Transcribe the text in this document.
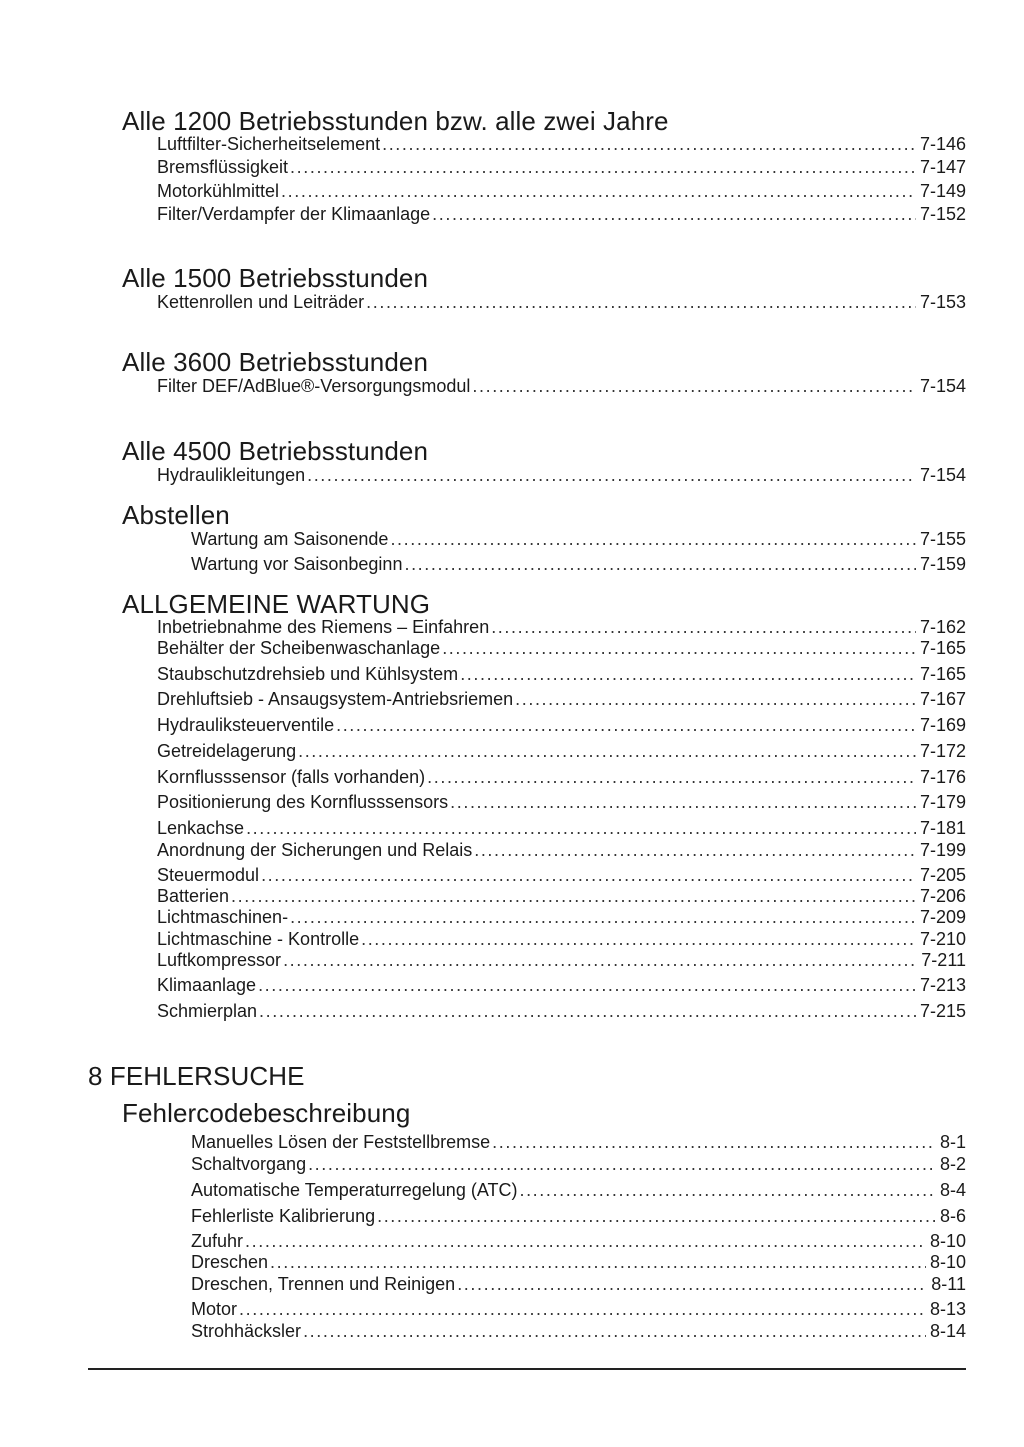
Alle 1200 Betriebsstunden bzw. alle zwei Jahre
Luftfilter-Sicherheitselement .....	7-146
Bremsflüssigkeit .....	7-147
Motorkühlmittel .....	7-149
Filter/Verdampfer der Klimaanlage .....	7-152
Alle 1500 Betriebsstunden
Kettenrollen und Leiträder .....	7-153
Alle 3600 Betriebsstunden
Filter DEF/AdBlue®-Versorgungsmodul .....	7-154
Alle 4500 Betriebsstunden
Hydraulikleitungen .....	7-154
Abstellen
Wartung am Saisonende .....	7-155
Wartung vor Saisonbeginn .....	7-159
ALLGEMEINE WARTUNG
Inbetriebnahme des Riemens – Einfahren .....	7-162
Behälter der Scheibenwaschanlage .....	7-165
Staubschutzdrehsieb und Kühlsystem .....	7-165
Drehluftsieb - Ansaugsystem-Antriebsriemen .....	7-167
Hydrauliksteuerventile .....	7-169
Getreidelagerung .....	7-172
Kornflusssensor (falls vorhanden) .....	7-176
Positionierung des Kornflusssensors .....	7-179
Lenkachse .....	7-181
Anordnung der Sicherungen und Relais .....	7-199
Steuermodul .....	7-205
Batterien .....	7-206
Lichtmaschinen- .....	7-209
Lichtmaschine - Kontrolle .....	7-210
Luftkompressor .....	7-211
Klimaanlage .....	7-213
Schmierplan .....	7-215
8 FEHLERSUCHE
Fehlercodebeschreibung
Manuelles Lösen der Feststellbremse .....	8-1
Schaltvorgang .....	8-2
Automatische Temperaturregelung (ATC) .....	8-4
Fehlerliste Kalibrierung .....	8-6
Zufuhr .....	8-10
Dreschen .....	8-10
Dreschen, Trennen und Reinigen .....	8-11
Motor .....	8-13
Strohhäcksler .....	8-14
